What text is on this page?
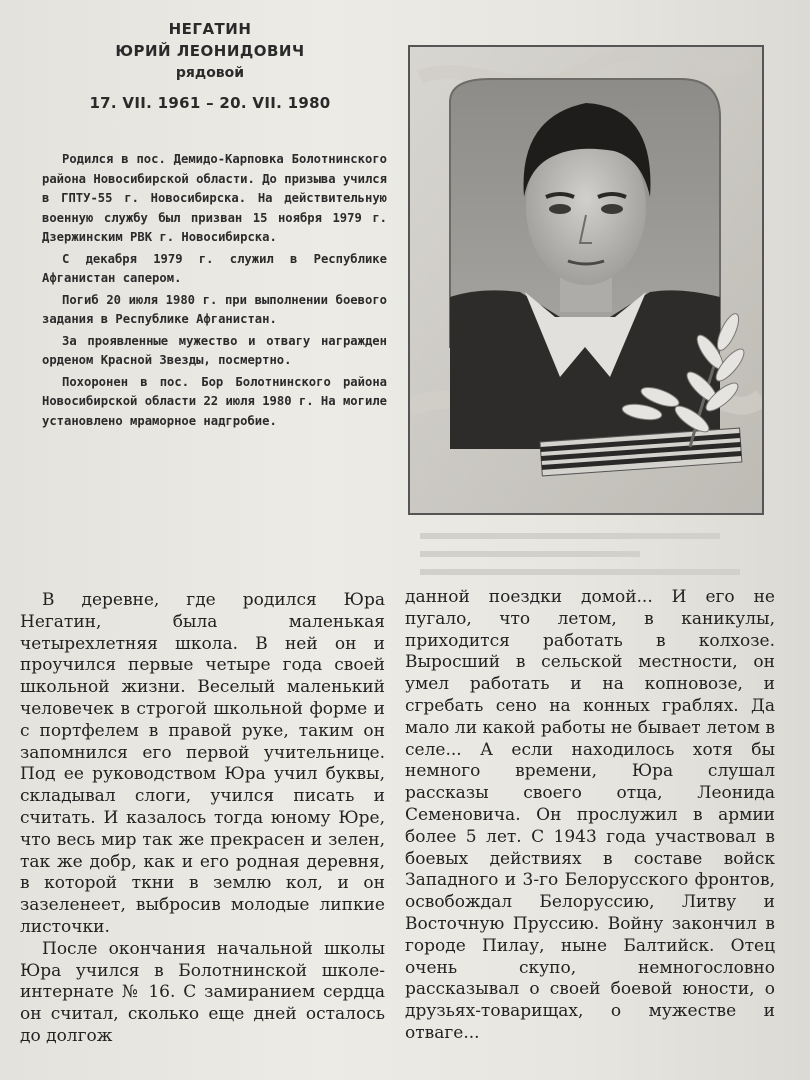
НЕГАТИН
ЮРИЙ ЛЕОНИДОВИЧ
рядовой
17. VII. 1961 – 20. VII. 1980

Родился в пос. Демидо-Карповка Болотнинского района Новосибирской области. До призыва учился в ГПТУ-55 г. Новосибирска. На действительную военную службу был призван 15 ноября 1979 г. Дзержинским РВК г. Новосибирска.

С декабря 1979 г. служил в Республике Афганистан сапером.

Погиб 20 июля 1980 г. при выполнении боевого задания в Республике Афганистан.

За проявленные мужество и отвагу награжден орденом Красной Звезды, посмертно.

Похоронен в пос. Бор Болотнинского района Новосибирской области 22 июля 1980 г. На могиле установлено мраморное надгробие.

В деревне, где родился Юра Негатин, была маленькая четырехлетняя школа. В ней он и проучился первые четыре года своей школьной жизни. Веселый маленький человечек в строгой школьной форме и с портфелем в правой руке, таким он запомнился его первой учительнице. Под ее руководством Юра учил буквы, складывал слоги, учился писать и считать. И казалось тогда юному Юре, что весь мир так же прекрасен и зелен, так же добр, как и его родная деревня, в которой ткни в землю кол, и он зазеленеет, выбросив молодые липкие листочки.

После окончания начальной школы Юра учился в Болотнинской школе-интернате № 16. С замиранием сердца он считал, сколько еще дней осталось до долгож

данной поездки домой... И его не пугало, что летом, в каникулы, приходится работать в колхозе. Выросший в сельской местности, он умел работать и на копновозе, и сгребать сено на конных граблях. Да мало ли какой работы не бывает летом в селе... А если находилось хотя бы немного времени, Юра слушал рассказы своего отца, Леонида Семеновича. Он прослужил в армии более 5 лет. С 1943 года участвовал в боевых действиях в составе войск Западного и 3-го Белорусского фронтов, освобождал Белоруссию, Литву и Восточную Пруссию. Войну закончил в городе Пилау, ныне Балтийск. Отец очень скупо, немногословно рассказывал о своей боевой юности, о друзьях-товарищах, о мужестве и отваге...
